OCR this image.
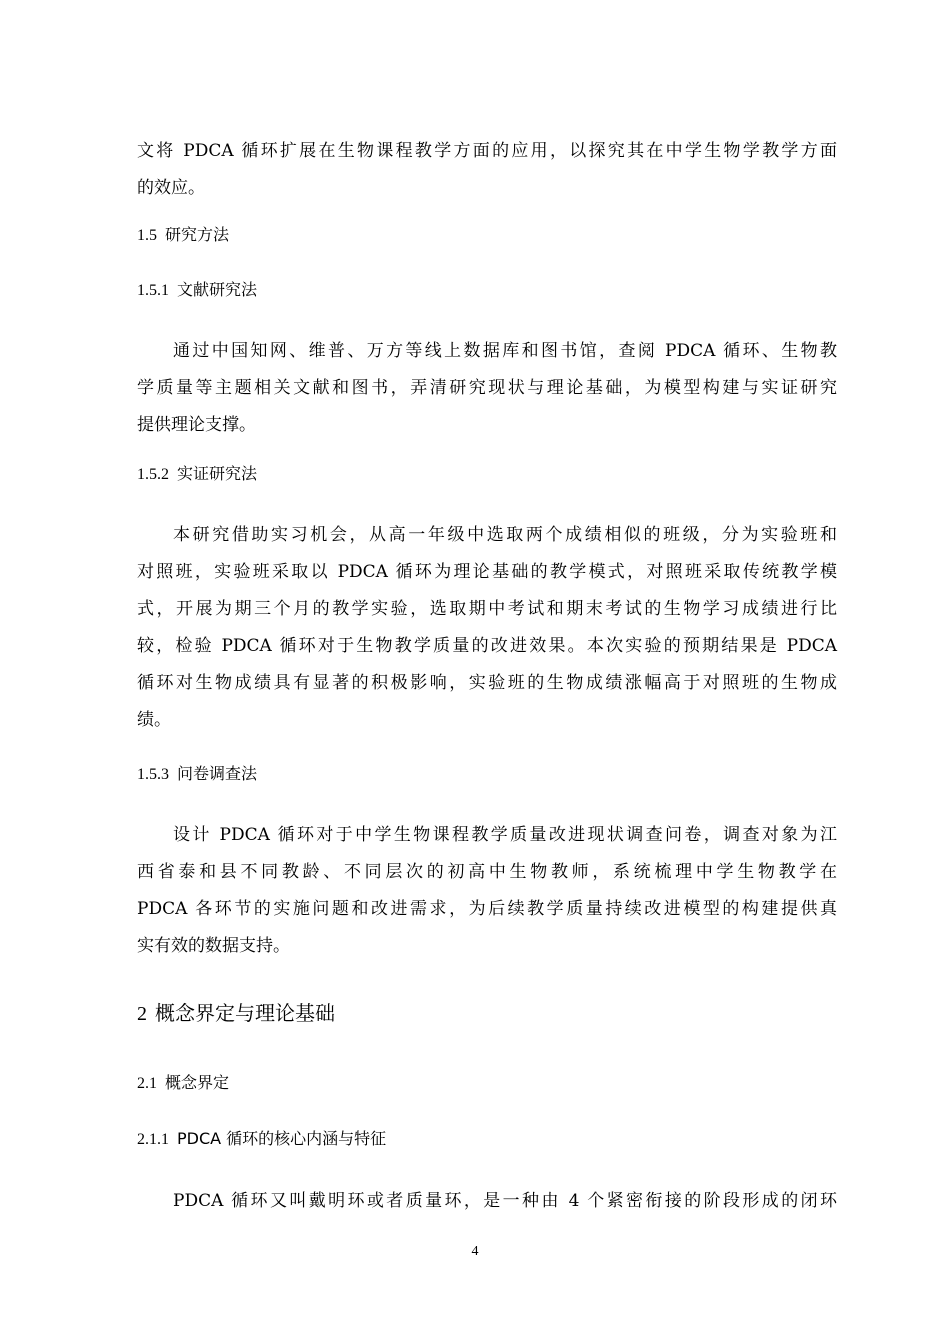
文将 PDCA 循环扩展在生物课程教学方面的应用，以探究其在中学生物学教学方面
的效应。

1.5 研究方法

1.5.1 文献研究法

通过中国知网、维普、万方等线上数据库和图书馆，查阅 PDCA 循环、生物教
学质量等主题相关文献和图书，弄清研究现状与理论基础，为模型构建与实证研究
提供理论支撑。

1.5.2 实证研究法

本研究借助实习机会，从高一年级中选取两个成绩相似的班级，分为实验班和
对照班，实验班采取以 PDCA 循环为理论基础的教学模式，对照班采取传统教学模
式，开展为期三个月的教学实验，选取期中考试和期末考试的生物学习成绩进行比
较，检验 PDCA 循环对于生物教学质量的改进效果。本次实验的预期结果是 PDCA
循环对生物成绩具有显著的积极影响，实验班的生物成绩涨幅高于对照班的生物成
绩。

1.5.3 问卷调查法

设计 PDCA 循环对于中学生物课程教学质量改进现状调查问卷，调查对象为江
西省泰和县不同教龄、不同层次的初高中生物教师，系统梳理中学生物教学在
PDCA 各环节的实施问题和改进需求，为后续教学质量持续改进模型的构建提供真
实有效的数据支持。

2 概念界定与理论基础

2.1 概念界定

2.1.1 PDCA 循环的核心内涵与特征

PDCA 循环又叫戴明环或者质量环，是一种由 4 个紧密衔接的阶段形成的闭环

4
